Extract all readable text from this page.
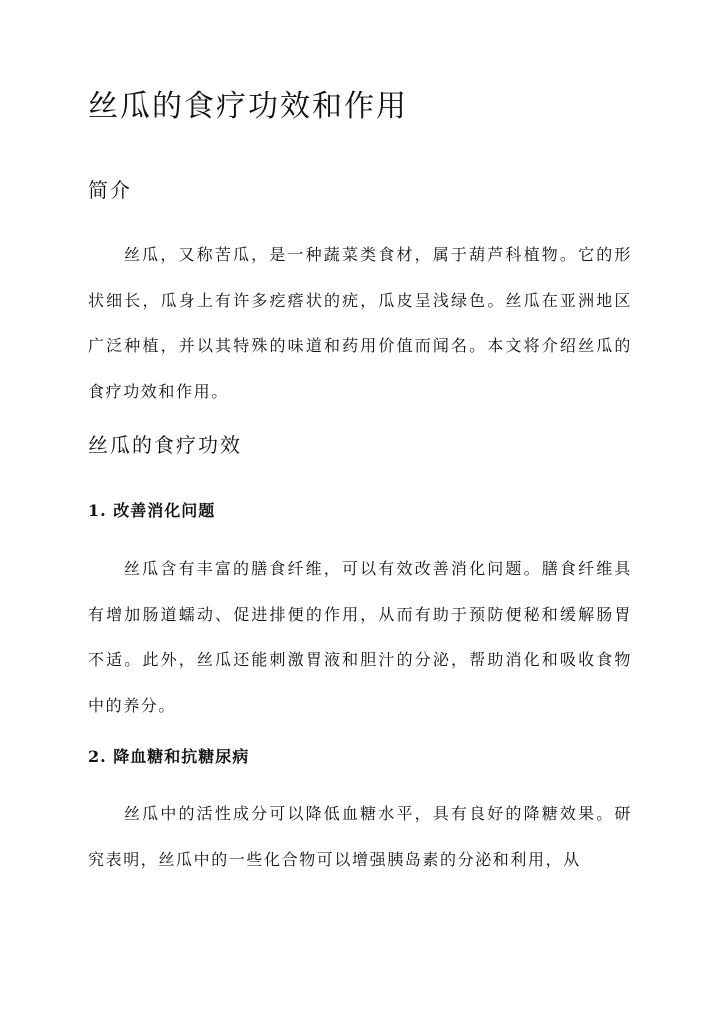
丝瓜的食疗功效和作用
简介

丝瓜，又称苦瓜，是一种蔬菜类食材，属于葫芦科植物。它的形状细长，瓜身上有许多疙瘩状的疣，瓜皮呈浅绿色。丝瓜在亚洲地区广泛种植，并以其特殊的味道和药用价值而闻名。本文将介绍丝瓜的食疗功效和作用。

丝瓜的食疗功效
1. 改善消化问题

丝瓜含有丰富的膳食纤维，可以有效改善消化问题。膳食纤维具有增加肠道蠕动、促进排便的作用，从而有助于预防便秘和缓解肠胃不适。此外，丝瓜还能刺激胃液和胆汁的分泌，帮助消化和吸收食物中的养分。

2. 降血糖和抗糖尿病

丝瓜中的活性成分可以降低血糖水平，具有良好的降糖效果。研究表明，丝瓜中的一些化合物可以增强胰岛素的分泌和利用，从
